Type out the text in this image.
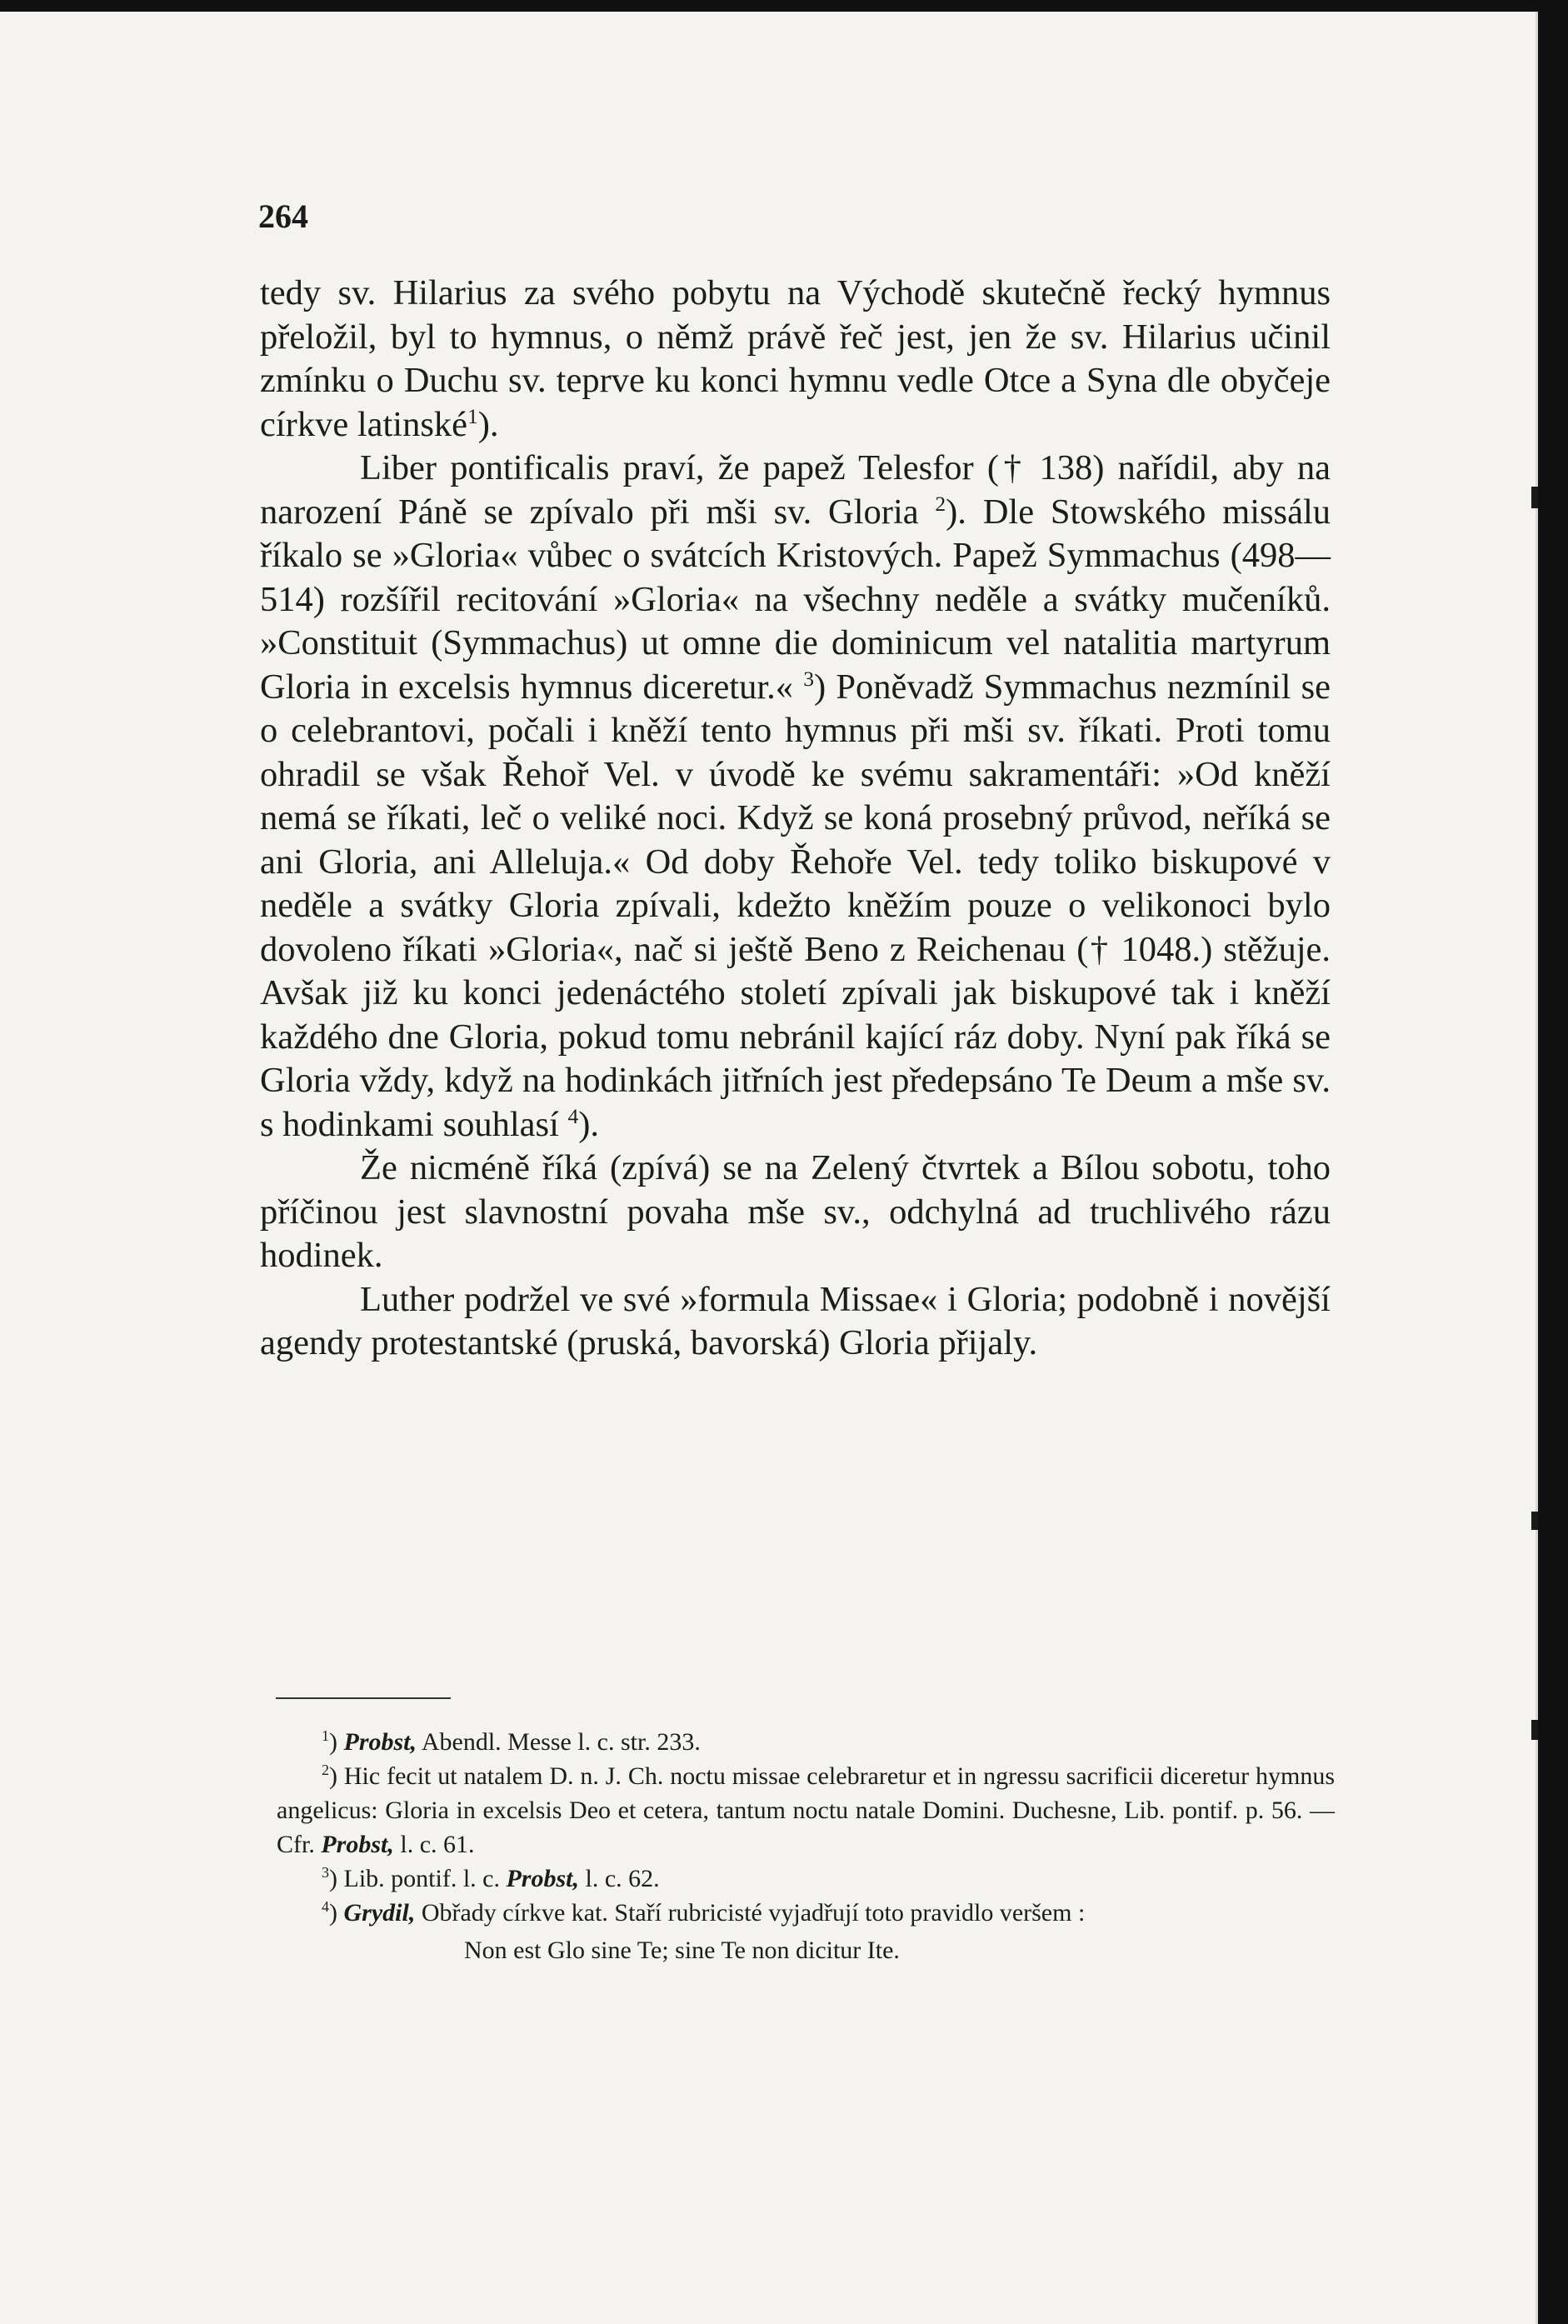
264

tedy sv. Hilarius za svého pobytu na Východě skutečně řecký hymnus přeložil, byl to hymnus, o němž právě řeč jest, jen že sv. Hilarius učinil zmínku o Duchu sv. teprve ku konci hymnu vedle Otce a Syna dle obyčeje církve latinské$^1$).

Liber pontificalis praví, že papež Telesfor († 138) nařídil, aby na narození Páně se zpívalo při mši sv. Gloria $^2$). Dle Stowského missálu říkalo se »Gloria« vůbec o svátcích Kristových. Papež Symmachus (498—514) rozšířil recitování »Gloria« na všechny neděle a svátky mučeníků. »Constituit (Symmachus) ut omne die dominicum vel natalitia martyrum Gloria in excelsis hymnus diceretur.« $^3$) Poněvadž Symmachus nezmínil se o celebrantovi, počali i kněží tento hymnus při mši sv. říkati. Proti tomu ohradil se však Řehoř Vel. v úvodě ke svému sakramentáři: »Od kněží nemá se říkati, leč o veliké noci. Když se koná prosebný průvod, neříká se ani Gloria, ani Alleluja.« Od doby Řehoře Vel. tedy toliko biskupové v neděle a svátky Gloria zpívali, kdežto kněžím pouze o velikonoci bylo dovoleno říkati »Gloria«, nač si ještě Beno z Reichenau († 1048.) stěžuje. Avšak již ku konci jedenáctého století zpívali jak biskupové tak i kněží každého dne Gloria, pokud tomu nebránil kající ráz doby. Nyní pak říká se Gloria vždy, když na hodinkách jitřních jest předepsáno Te Deum a mše sv. s hodinkami souhlasí $^4$).

Že nicméně říká (zpívá) se na Zelený čtvrtek a Bílou sobotu, toho příčinou jest slavnostní povaha mše sv., odchylná ad truchlivého rázu hodinek.

Luther podržel ve své »formula Missae« i Gloria; podobně i novější agendy protestantské (pruská, bavorská) Gloria přijaly.

$^1$) Probst, Abendl. Messe l. c. str. 233.

$^2$) Hic fecit ut natalem D. n. J. Ch. noctu missae celebraretur et in ngressu sacrificii diceretur hymnus angelicus: Gloria in excelsis Deo et cetera, tantum noctu natale Domini. Duchesne, Lib. pontif. p. 56. — Cfr. Probst, l. c. 61.

$^3$) Lib. pontif. l. c. Probst, l. c. 62.

$^4$) Grydil, Obřady církve kat. Staří rubricisté vyjadřují toto pravidlo veršem :

Non est Glo sine Te; sine Te non dicitur Ite.
